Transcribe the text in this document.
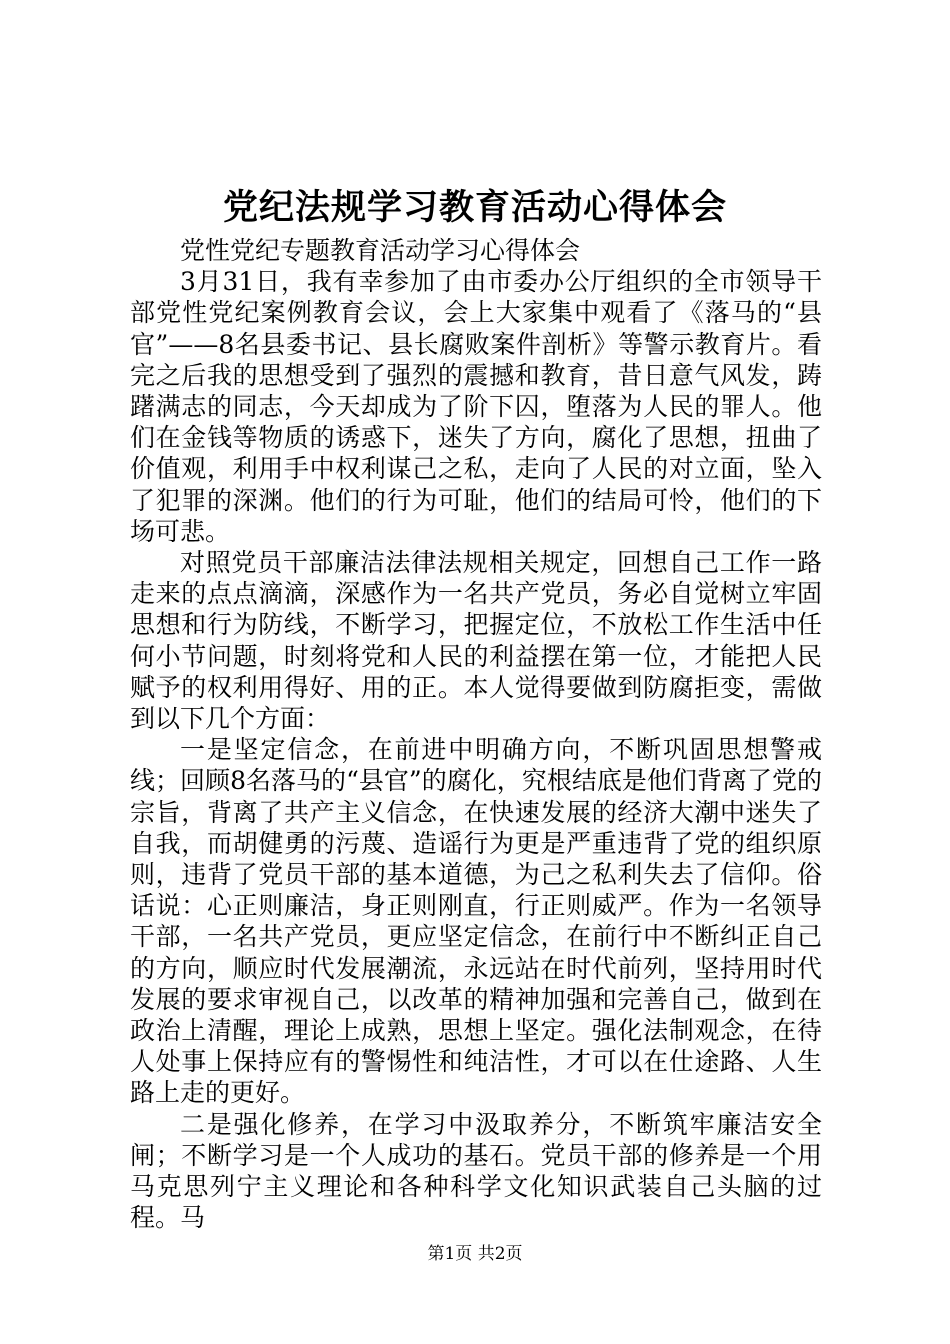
党纪法规学习教育活动心得体会

党性党纪专题教育活动学习心得体会

3月31日，我有幸参加了由市委办公厅组织的全市领导干部党性党纪案例教育会议，会上大家集中观看了《落马的“县官”——8名县委书记、县长腐败案件剖析》等警示教育片。看完之后我的思想受到了强烈的震撼和教育，昔日意气风发，踌躇满志的同志，今天却成为了阶下囚，堕落为人民的罪人。他们在金钱等物质的诱惑下，迷失了方向，腐化了思想，扭曲了价值观，利用手中权利谋己之私，走向了人民的对立面，坠入了犯罪的深渊。他们的行为可耻，他们的结局可怜，他们的下场可悲。

对照党员干部廉洁法律法规相关规定，回想自己工作一路走来的点点滴滴，深感作为一名共产党员，务必自觉树立牢固思想和行为防线，不断学习，把握定位，不放松工作生活中任何小节问题，时刻将党和人民的利益摆在第一位，才能把人民赋予的权利用得好、用的正。本人觉得要做到防腐拒变，需做到以下几个方面：

一是坚定信念，在前进中明确方向，不断巩固思想警戒线；回顾8名落马的“县官”的腐化，究根结底是他们背离了党的宗旨，背离了共产主义信念，在快速发展的经济大潮中迷失了自我，而胡健勇的污蔑、造谣行为更是严重违背了党的组织原则，违背了党员干部的基本道德，为己之私利失去了信仰。俗话说：心正则廉洁，身正则刚直，行正则威严。作为一名领导干部，一名共产党员，更应坚定信念，在前行中不断纠正自己的方向，顺应时代发展潮流，永远站在时代前列，坚持用时代发展的要求审视自己，以改革的精神加强和完善自己，做到在政治上清醒，理论上成熟，思想上坚定。强化法制观念，在待人处事上保持应有的警惕性和纯洁性，才可以在仕途路、人生路上走的更好。

二是强化修养，在学习中汲取养分，不断筑牢廉洁安全闸；不断学习是一个人成功的基石。党员干部的修养是一个用马克思列宁主义理论和各种科学文化知识武装自己头脑的过程。马

第1页 共2页
